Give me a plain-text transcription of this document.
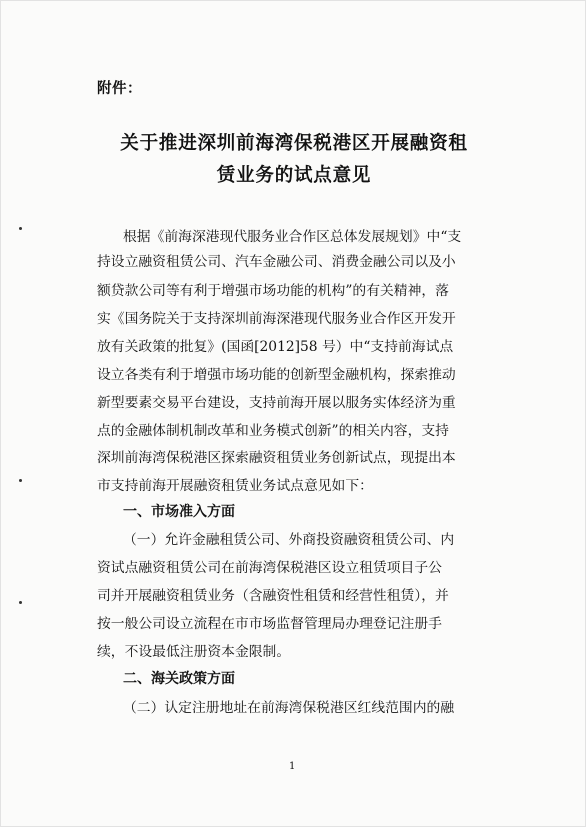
附件：
关于推进深圳前海湾保税港区开展融资租
赁业务的试点意见
根据《前海深港现代服务业合作区总体发展规划》中“支
持设立融资租赁公司、汽车金融公司、消费金融公司以及小
额贷款公司等有利于增强市场功能的机构”的有关精神，落
实《国务院关于支持深圳前海深港现代服务业合作区开发开
放有关政策的批复》(国函[2012]58 号）中“支持前海试点
设立各类有利于增强市场功能的创新型金融机构，探索推动
新型要素交易平台建设，支持前海开展以服务实体经济为重
点的金融体制机制改革和业务模式创新”的相关内容，支持
深圳前海湾保税港区探索融资租赁业务创新试点，现提出本
市支持前海开展融资租赁业务试点意见如下：
一、市场准入方面
（一）允许金融租赁公司、外商投资融资租赁公司、内
资试点融资租赁公司在前海湾保税港区设立租赁项目子公
司并开展融资租赁业务（含融资性租赁和经营性租赁），并
按一般公司设立流程在市市场监督管理局办理登记注册手
续，不设最低注册资本金限制。
二、海关政策方面
（二）认定注册地址在前海湾保税港区红线范围内的融
1
